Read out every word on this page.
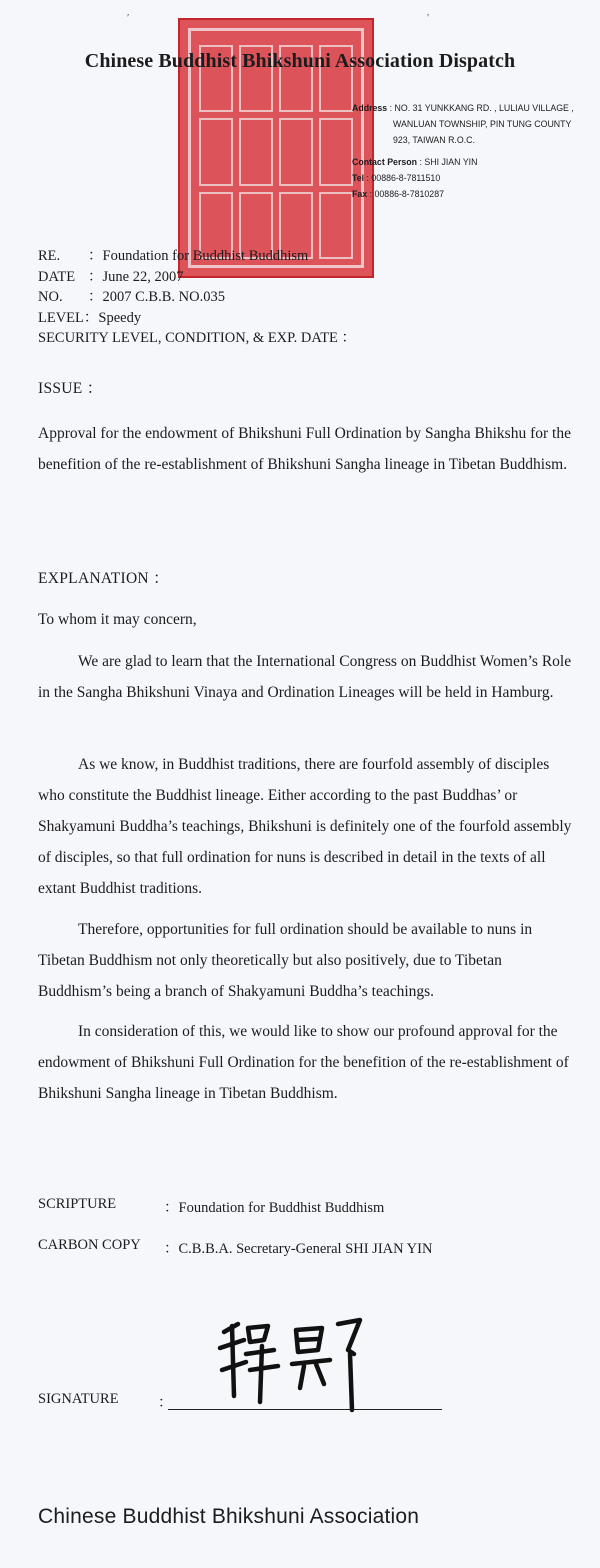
ʹ	ʹ
Chinese Buddhist Bhikshuni Association Dispatch
Address : NO. 31 YUNKKANG RD. , LULIAU VILLAGE ,
WANLUAN TOWNSHIP, PIN TUNG COUNTY
923, TAIWAN R.O.C.
Contact Person : SHI JIAN YIN
Tel : 00886-8-7811510
Fax : 00886-8-7810287
RE. ：Foundation for Buddhist Buddhism
DATE ：June 22, 2007
NO. ：2007 C.B.B. NO.035
LEVEL：Speedy
SECURITY LEVEL, CONDITION, & EXP. DATE ：
ISSUE ：
Approval for the endowment of Bhikshuni Full Ordination by Sangha Bhikshu for the benefition of the re-establishment of Bhikshuni Sangha lineage in Tibetan Buddhism.
EXPLANATION ：
To whom it may concern,
We are glad to learn that the International Congress on Buddhist Women’s Role in the Sangha Bhikshuni Vinaya and Ordination Lineages will be held in Hamburg.
As we know, in Buddhist traditions, there are fourfold assembly of disciples who constitute the Buddhist lineage. Either according to the past Buddhas’ or Shakyamuni Buddha’s teachings, Bhikshuni is definitely one of the fourfold assembly of disciples, so that full ordination for nuns is described in detail in the texts of all extant Buddhist traditions.
Therefore, opportunities for full ordination should be available to nuns in Tibetan Buddhism not only theoretically but also positively, due to Tibetan Buddhism’s being a branch of Shakyamuni Buddha’s teachings.
In consideration of this, we would like to show our profound approval for the endowment of Bhikshuni Full Ordination for the benefition of the re-establishment of Bhikshuni Sangha lineage in Tibetan Buddhism.
SCRIPTURE	：Foundation for Buddhist Buddhism
CARBON COPY ：C.B.B.A. Secretary-General SHI JIAN YIN
SIGNATURE	：
Chinese Buddhist Bhikshuni Association
